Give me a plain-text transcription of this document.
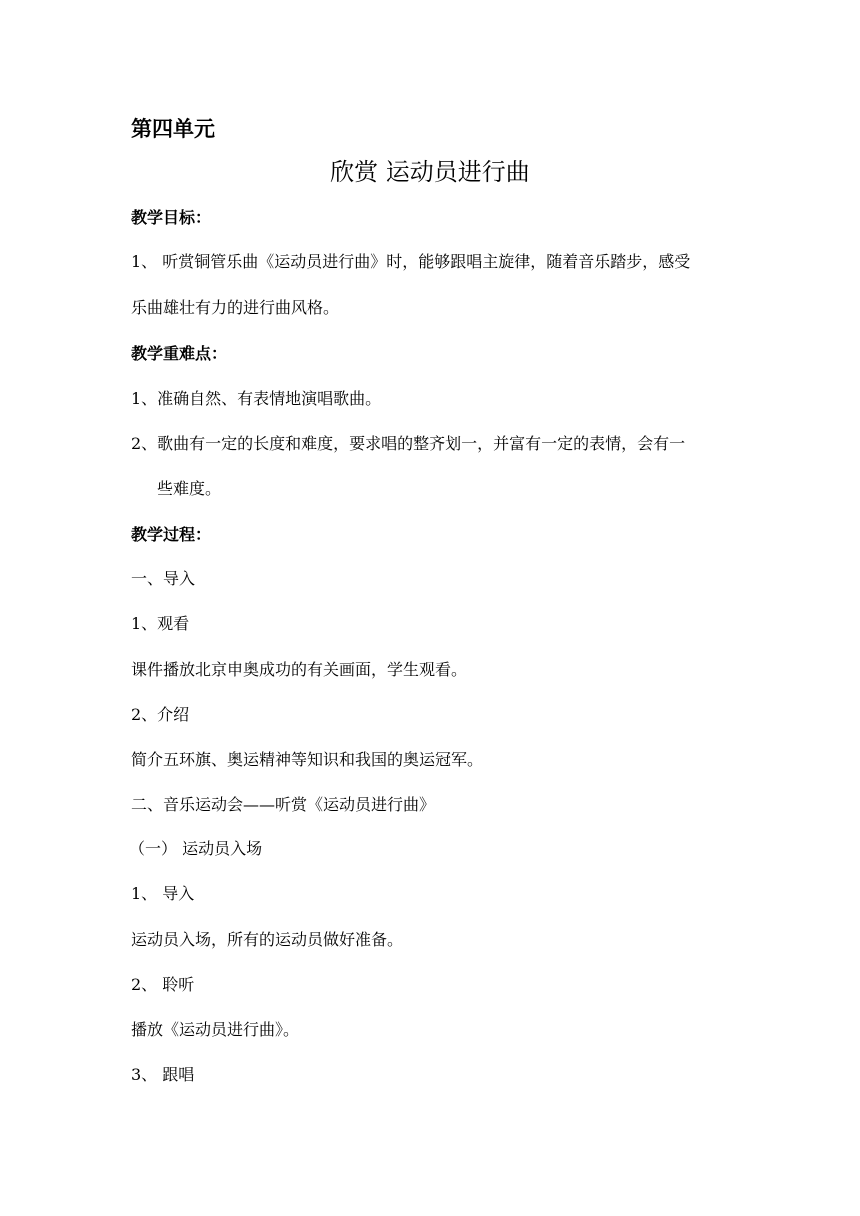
第四单元
欣赏 运动员进行曲
教学目标：
1、 听赏铜管乐曲《运动员进行曲》时，能够跟唱主旋律，随着音乐踏步，感受
乐曲雄壮有力的进行曲风格。
教学重难点：
1、准确自然、有表情地演唱歌曲。
2、歌曲有一定的长度和难度，要求唱的整齐划一，并富有一定的表情，会有一
些难度。
教学过程：
一、导入
1、观看
课件播放北京申奥成功的有关画面，学生观看。
2、介绍
简介五环旗、奥运精神等知识和我国的奥运冠军。
二、音乐运动会——听赏《运动员进行曲》
（一） 运动员入场
1、 导入
运动员入场，所有的运动员做好准备。
2、 聆听
播放《运动员进行曲》。
3、 跟唱
